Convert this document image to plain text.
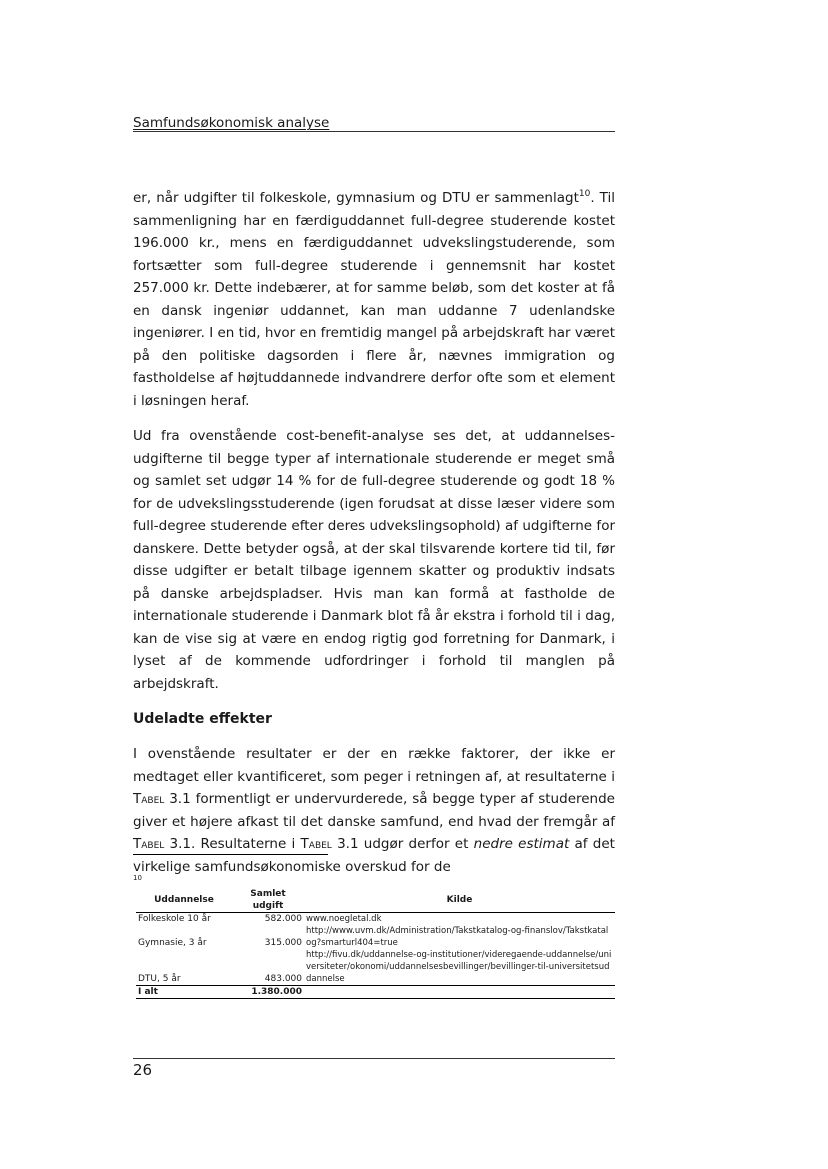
Samfundsøkonomisk analyse

er, når udgifter til folkeskole, gymnasium og DTU er sammenlagt$^{10}$. Til sammenligning har en færdiguddannet full-degree studerende kostet 196.000 kr., mens en færdiguddannet udvekslingstuderende, som fortsætter som full-degree studerende i gennemsnit har kostet 257.000 kr. Dette indebærer, at for samme beløb, som det koster at få en dansk ingeniør uddannet, kan man uddanne 7 udenlandske ingeniører. I en tid, hvor en fremtidig mangel på arbejdskraft har været på den politiske dagsorden i flere år, nævnes immigration og fastholdelse af højtuddannede indvandrere derfor ofte som et element i løsningen heraf.

Ud fra ovenstående cost-benefit-analyse ses det, at uddannelses-udgifterne til begge typer af internationale studerende er meget små og samlet set udgør 14 % for de full-degree studerende og godt 18 % for de udvekslingsstuderende (igen forudsat at disse læser videre som full-degree studerende efter deres udvekslingsophold) af udgifterne for danskere. Dette betyder også, at der skal tilsvarende kortere tid til, før disse udgifter er betalt tilbage igennem skatter og produktiv indsats på danske arbejdspladser. Hvis man kan formå at fastholde de internationale studerende i Danmark blot få år ekstra i forhold til i dag, kan de vise sig at være en endog rigtig god forretning for Danmark, i lyset af de kommende udfordringer i forhold til manglen på arbejdskraft.

Udeladte effekter

I ovenstående resultater er der en række faktorer, der ikke er medtaget eller kvantificeret, som peger i retningen af, at resultaterne i Tabel 3.1 formentligt er undervurderede, så begge typer af studerende giver et højere afkast til det danske samfund, end hvad der fremgår af Tabel 3.1. Resultaterne i Tabel 3.1 udgør derfor et nedre estimat af det virkelige samfundsøkonomiske overskud for de

10
Uddannelse	Samlet udgift	Kilde
Folkeskole 10 år	582.000	www.noegletal.dk
Gymnasie, 3 år	315.000	http://www.uvm.dk/Administration/Takstkatalog-og-finanslov/Takstkatalog?smarturl404=true
DTU, 5 år	483.000	http://fivu.dk/uddannelse-og-institutioner/videregaende-uddannelse/universiteter/okonomi/uddannelsesbevillinger/bevillinger-til-universitetsuddannelse
I alt	1.380.000	
26
